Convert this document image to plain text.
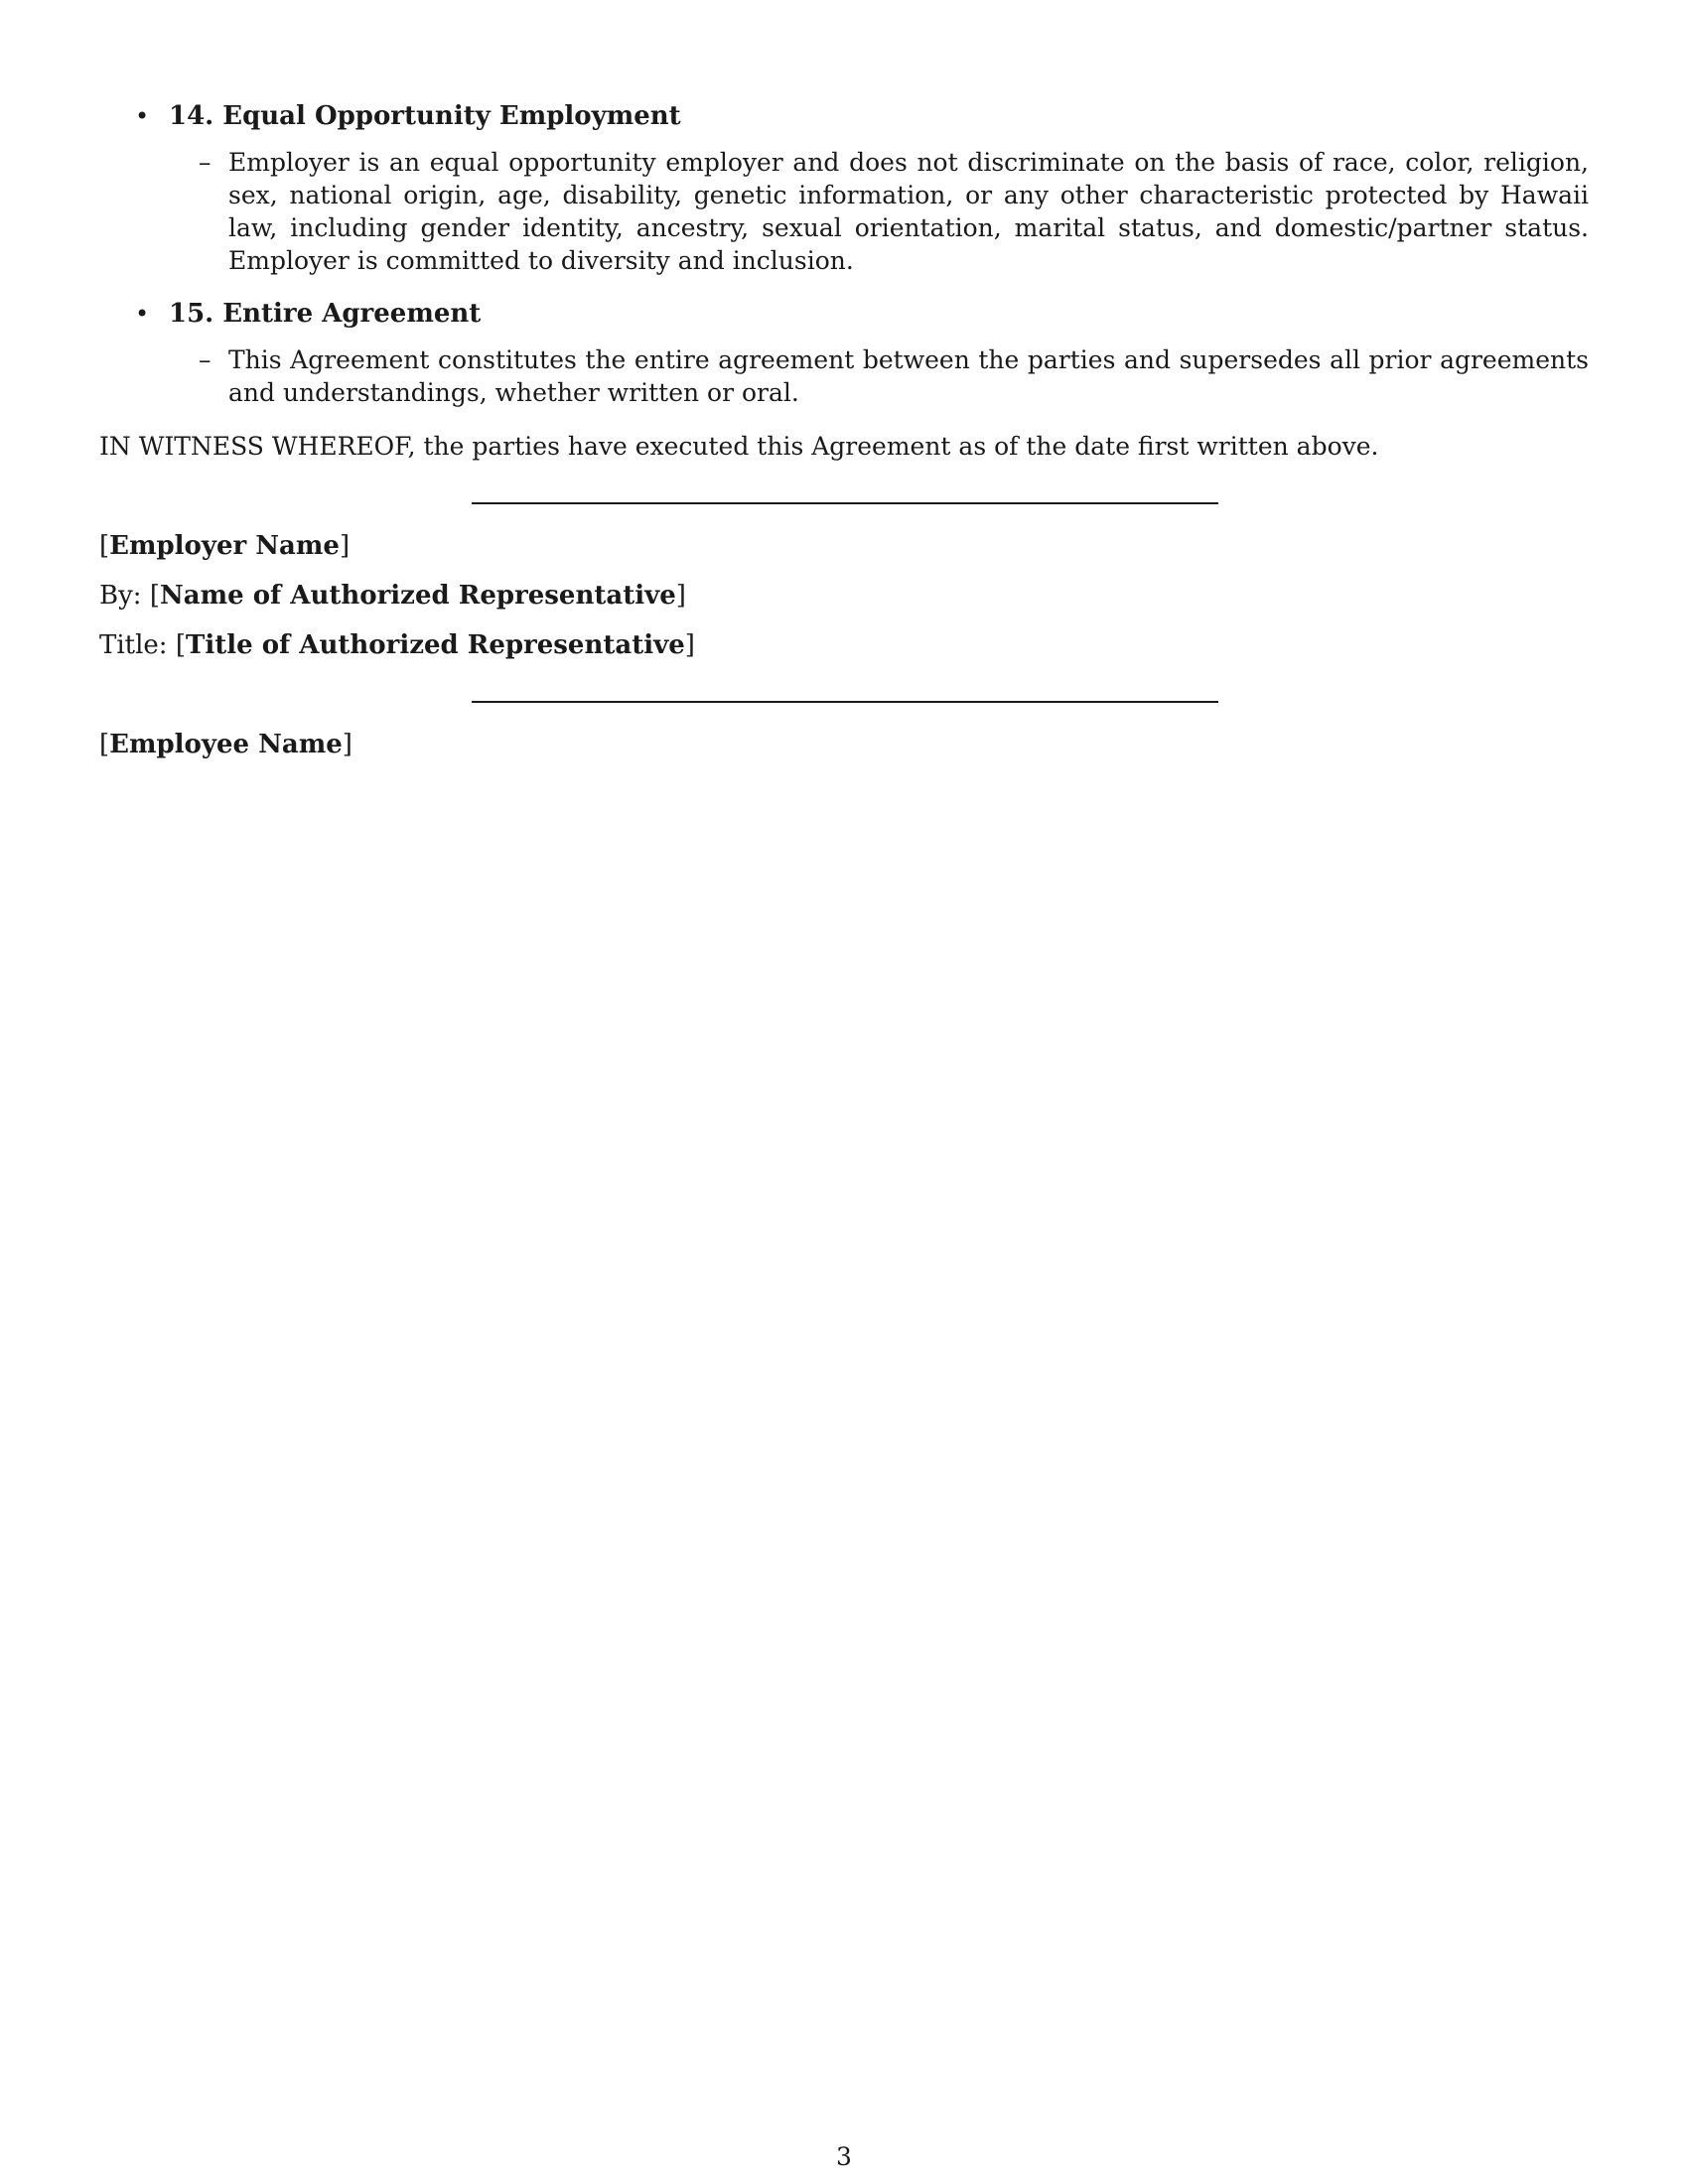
• 14. Equal Opportunity Employment
– Employer is an equal opportunity employer and does not discriminate on the basis of race, color, religion, sex, national origin, age, disability, genetic information, or any other characteristic protected by Hawaii law, including gender identity, ancestry, sexual orientation, marital status, and domestic/partner status. Employer is committed to diversity and inclusion.
• 15. Entire Agreement
– This Agreement constitutes the entire agreement between the parties and supersedes all prior agreements and understandings, whether written or oral.
IN WITNESS WHEREOF, the parties have executed this Agreement as of the date first written above.
[Employer Name]
By: [Name of Authorized Representative]
Title: [Title of Authorized Representative]
[Employee Name]
3
